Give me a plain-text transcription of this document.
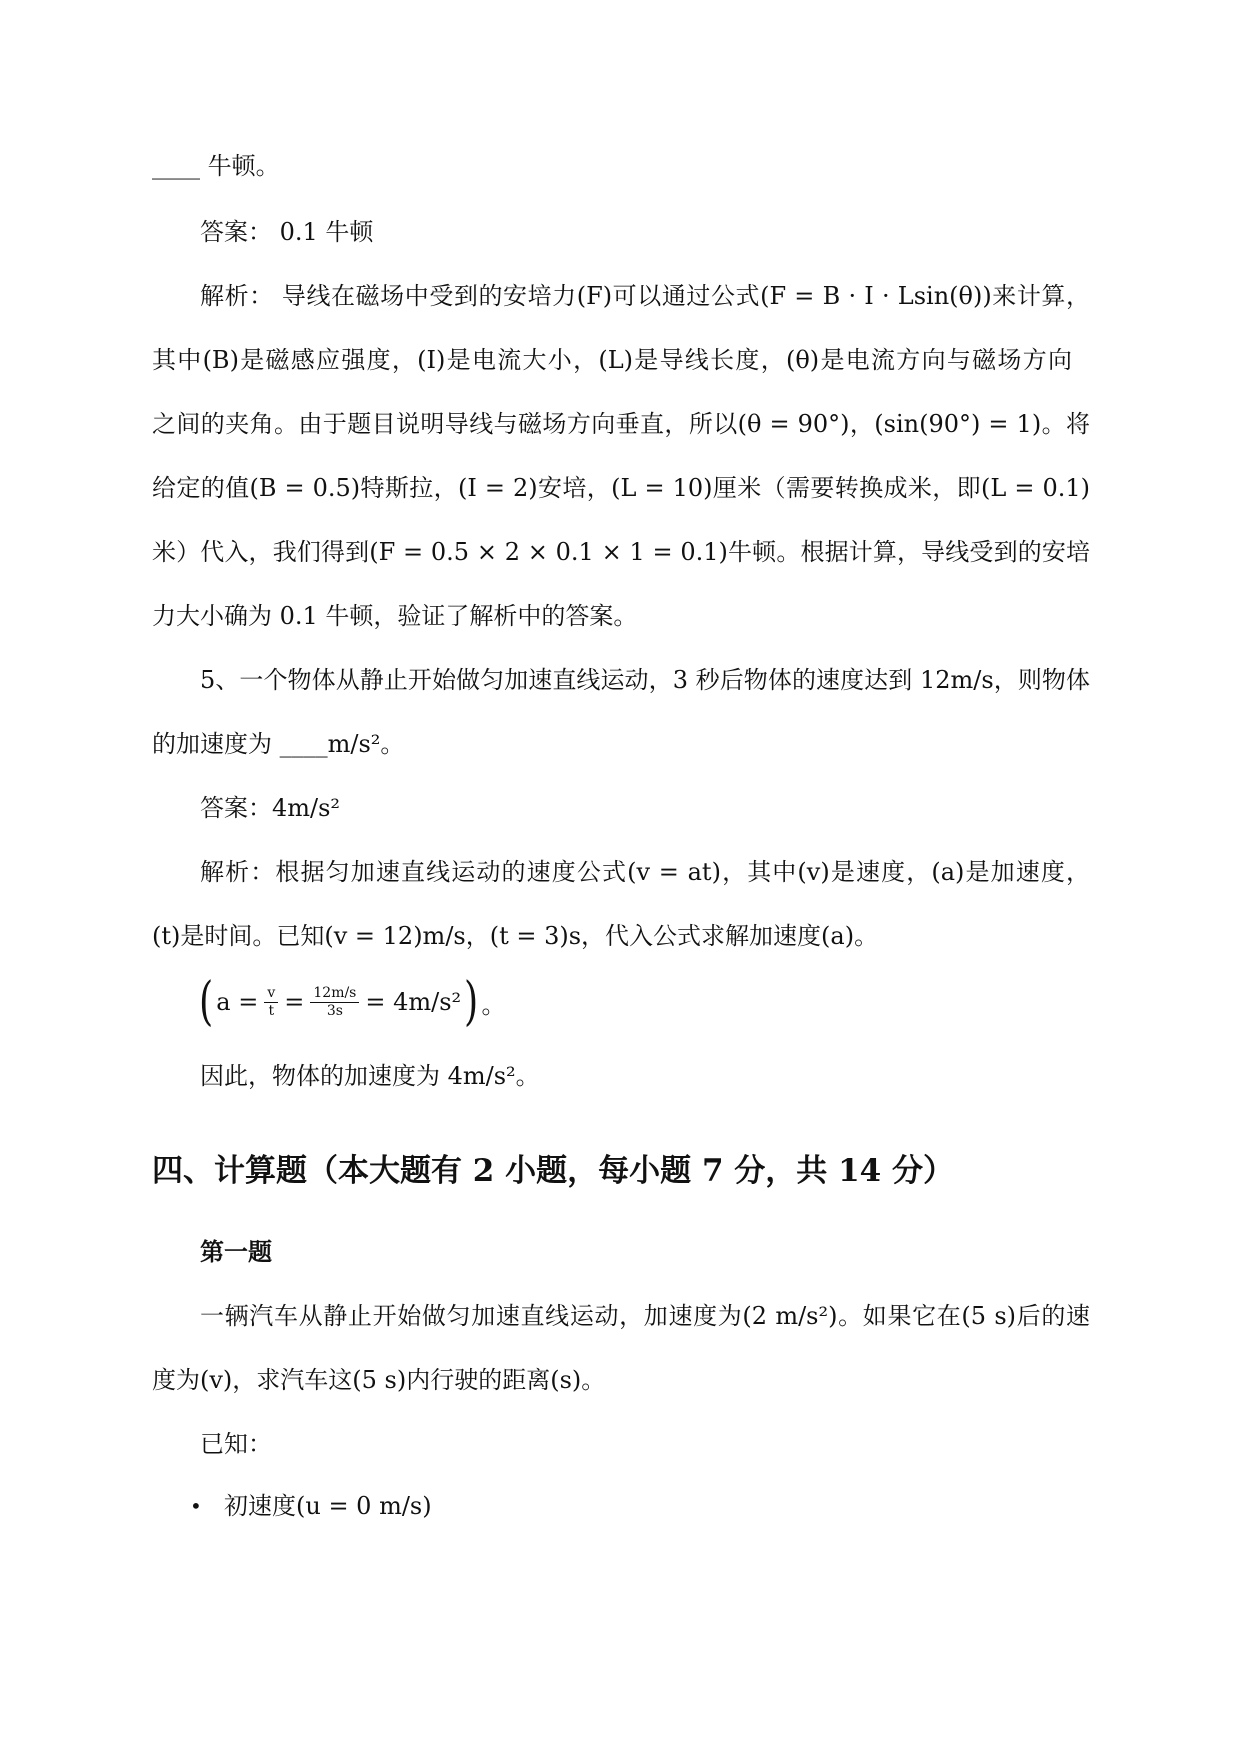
____ 牛顿。
答案： 0.1 牛顿
解析： 导线在磁场中受到的安培力(F)可以通过公式(F = B · I · Lsin(θ))来计算，
其中(B)是磁感应强度，(I)是电流大小，(L)是导线长度，(θ)是电流方向与磁场方向
之间的夹角。由于题目说明导线与磁场方向垂直，所以(θ = 90°)，(sin(90°) = 1)。将
给定的值(B = 0.5)特斯拉，(I = 2)安培，(L = 10)厘米（需要转换成米，即(L = 0.1)
米）代入，我们得到(F = 0.5 × 2 × 0.1 × 1 = 0.1)牛顿。根据计算，导线受到的安培
力大小确为 0.1 牛顿，验证了解析中的答案。
5、一个物体从静止开始做匀加速直线运动，3 秒后物体的速度达到 12m/s，则物体
的加速度为 ____m/s²。
答案：4m/s²
解析：根据匀加速直线运动的速度公式(v = at)，其中(v)是速度，(a)是加速度，
(t)是时间。已知(v = 12)m/s，(t = 3)s，代入公式求解加速度(a)。
( $a = \frac{v}{t} = \frac{12m/s}{3s} = 4m/s^2$ ) 。
因此，物体的加速度为 4m/s²。
四、计算题（本大题有 2 小题，每小题 7 分，共 14 分）
第一题
一辆汽车从静止开始做匀加速直线运动，加速度为(2 m/s²)。如果它在(5 s)后的速
度为(v)，求汽车这(5 s)内行驶的距离(s)。
已知：
• 初速度(u = 0 m/s)
